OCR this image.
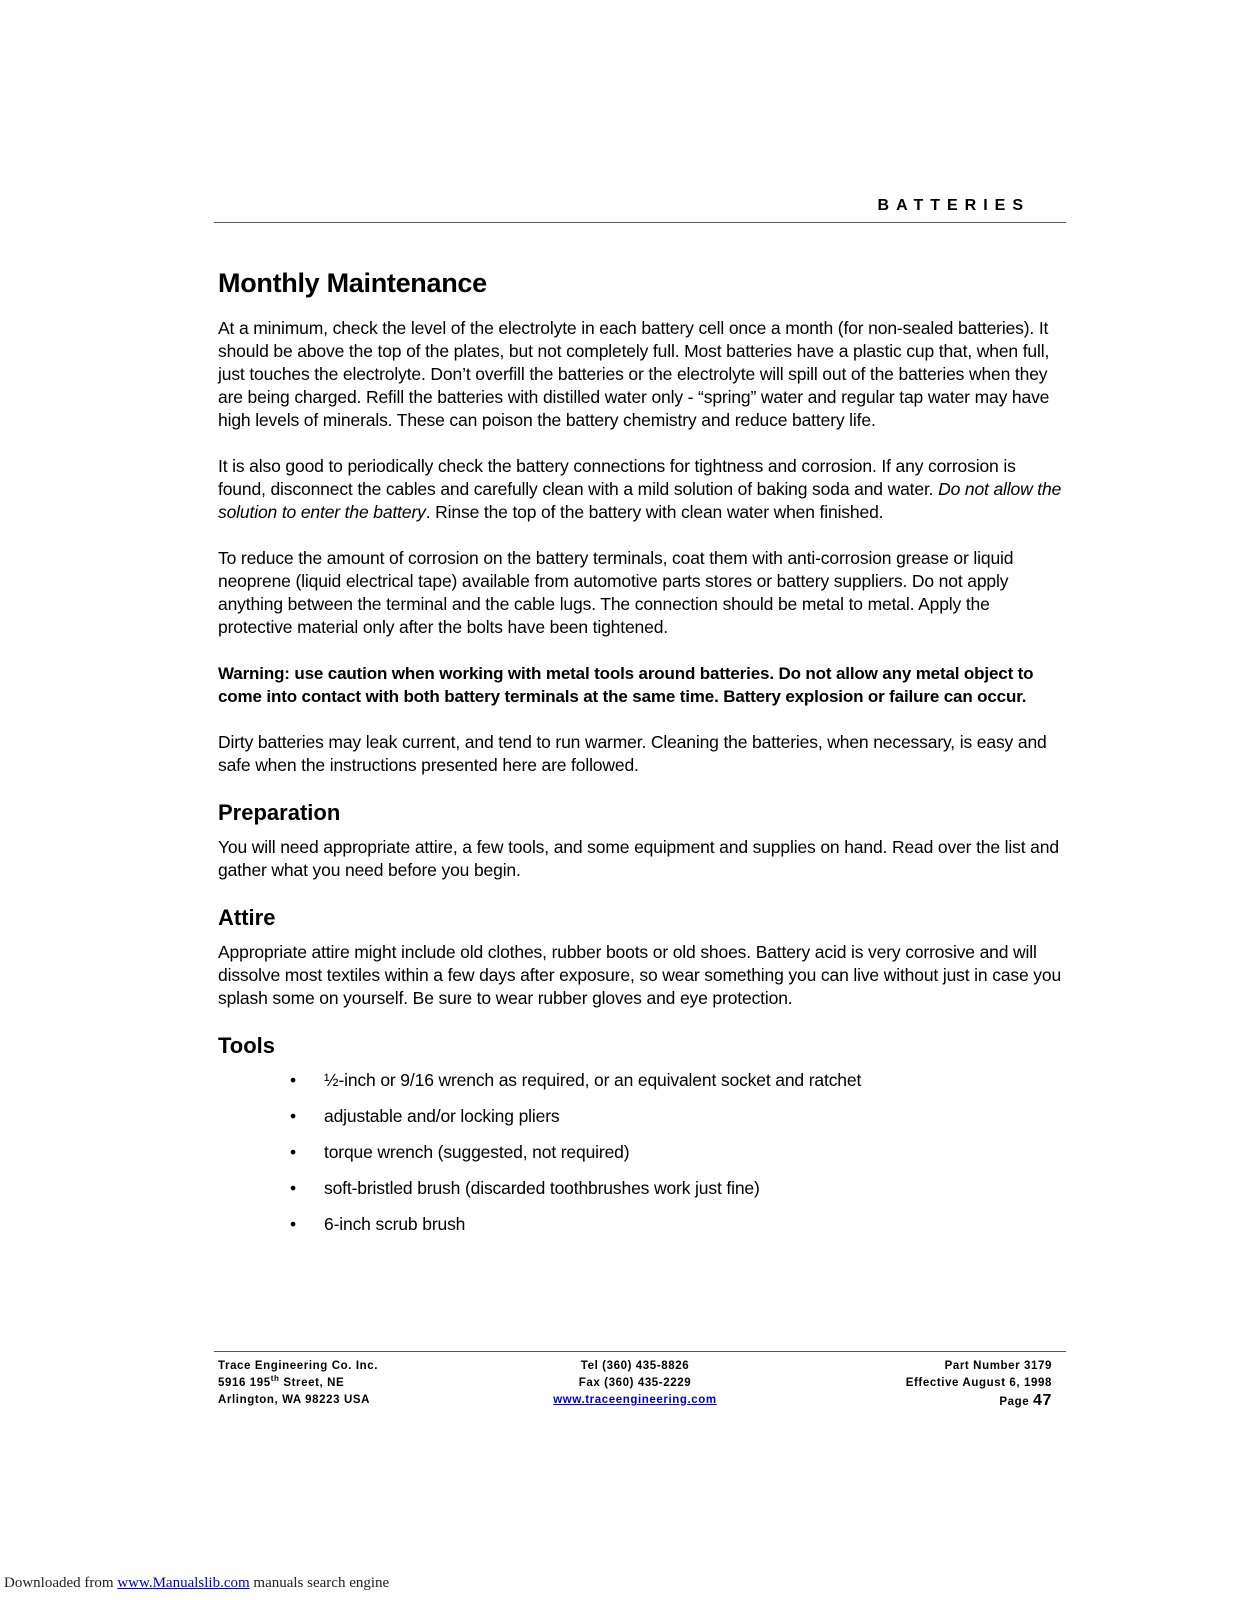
BATTERIES
Monthly Maintenance

At a minimum, check the level of the electrolyte in each battery cell once a month (for non-sealed batteries). It should be above the top of the plates, but not completely full. Most batteries have a plastic cup that, when full, just touches the electrolyte. Don’t overfill the batteries or the electrolyte will spill out of the batteries when they are being charged. Refill the batteries with distilled water only - “spring” water and regular tap water may have high levels of minerals. These can poison the battery chemistry and reduce battery life.

It is also good to periodically check the battery connections for tightness and corrosion. If any corrosion is found, disconnect the cables and carefully clean with a mild solution of baking soda and water. Do not allow the solution to enter the battery. Rinse the top of the battery with clean water when finished.

To reduce the amount of corrosion on the battery terminals, coat them with anti-corrosion grease or liquid neoprene (liquid electrical tape) available from automotive parts stores or battery suppliers. Do not apply anything between the terminal and the cable lugs. The connection should be metal to metal. Apply the protective material only after the bolts have been tightened.

Warning: use caution when working with metal tools around batteries. Do not allow any metal object to come into contact with both battery terminals at the same time. Battery explosion or failure can occur.

Dirty batteries may leak current, and tend to run warmer. Cleaning the batteries, when necessary, is easy and safe when the instructions presented here are followed.

Preparation

You will need appropriate attire, a few tools, and some equipment and supplies on hand. Read over the list and gather what you need before you begin.

Attire

Appropriate attire might include old clothes, rubber boots or old shoes. Battery acid is very corrosive and will dissolve most textiles within a few days after exposure, so wear something you can live without just in case you splash some on yourself. Be sure to wear rubber gloves and eye protection.

Tools
• ½-inch or 9/16 wrench as required, or an equivalent socket and ratchet
• adjustable and/or locking pliers
• torque wrench (suggested, not required)
• soft-bristled brush (discarded toothbrushes work just fine)
• 6-inch scrub brush
Trace Engineering Co. Inc.
5916 195th Street, NE
Arlington, WA 98223 USA
Tel (360) 435-8826
Fax (360) 435-2229
www.traceengineering.com
Part Number 3179
Effective August 6, 1998
Page 47
Downloaded from www.Manualslib.com manuals search engine
